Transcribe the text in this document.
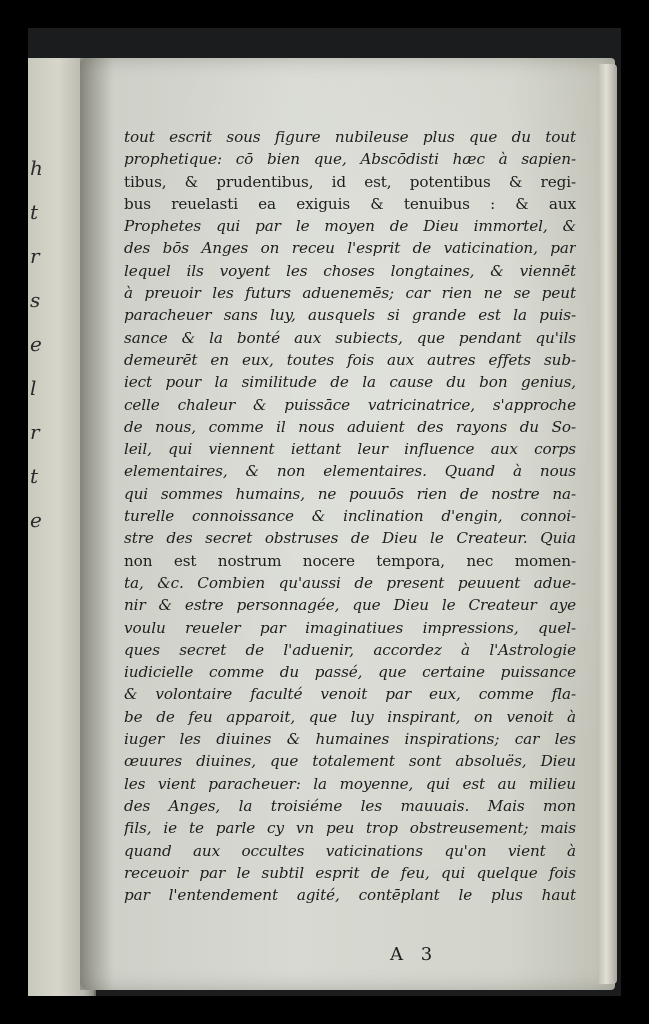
h
t
r
s
e
l
r
t
e
tout escrit sous figure nubileuse plus que du tout
prophetique: cō bien que, Abscōdisti hæc à sapien-
tibus, & prudentibus, id est, potentibus & regi-
bus reuelasti ea exiguis & tenuibus : & aux
Prophetes qui par le moyen de Dieu immortel, &
des bōs Anges on receu l'esprit de vaticination, par
lequel ils voyent les choses longtaines, & viennēt
à preuoir les futurs aduenemēs; car rien ne se peut
paracheuer sans luy, ausquels si grande est la puis-
sance & la bonté aux subiects, que pendant qu'ils
demeurēt en eux, toutes fois aux autres effets sub-
iect pour la similitude de la cause du bon genius,
celle chaleur & puissāce vatricinatrice, s'approche
de nous, comme il nous aduient des rayons du So-
leil, qui viennent iettant leur influence aux corps
elementaires, & non elementaires. Quand à nous
qui sommes humains, ne pouuōs rien de nostre na-
turelle connoissance & inclination d'engin, connoi-
stre des secret obstruses de Dieu le Createur. Quia
non est nostrum nocere tempora, nec momen-
ta, &c. Combien qu'aussi de present peuuent adue-
nir & estre personnagée, que Dieu le Createur aye
voulu reueler par imaginatiues impressions, quel-
ques secret de l'aduenir, accordez à l'Astrologie
iudicielle comme du passé, que certaine puissance
& volontaire faculté venoit par eux, comme fla-
be de feu apparoit, que luy inspirant, on venoit à
iuger les diuines & humaines inspirations; car les
œuures diuines, que totalement sont absoluës, Dieu
les vient paracheuer: la moyenne, qui est au milieu
des Anges, la troisiéme les mauuais. Mais mon
fils, ie te parle cy vn peu trop obstreusement; mais
quand aux occultes vaticinations qu'on vient à
receuoir par le subtil esprit de feu, qui quelque fois
par l'entendement agité, contēplant le plus haut
A 3
